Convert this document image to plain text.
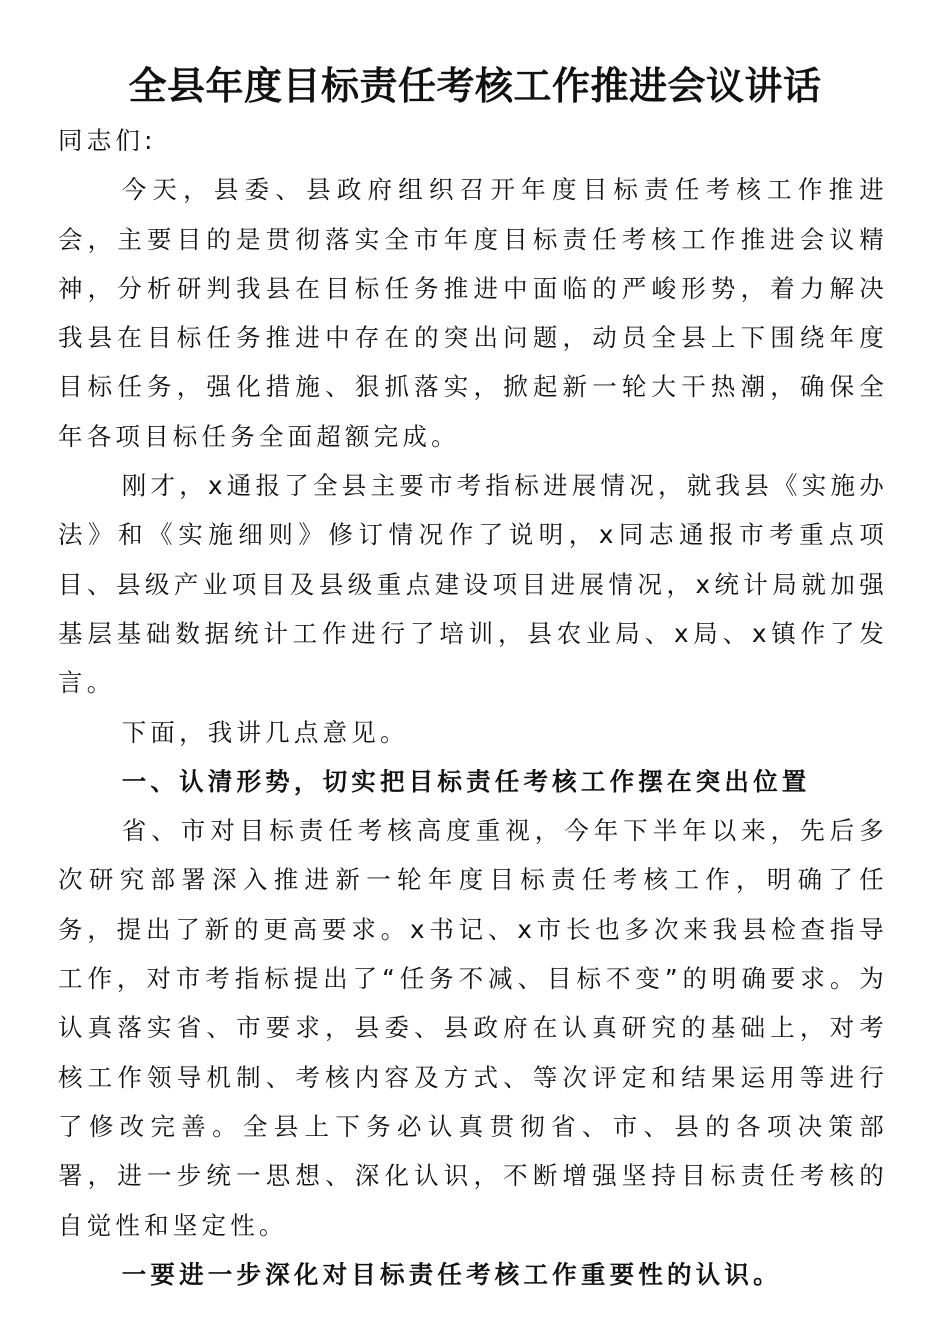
全县年度目标责任考核工作推进会议讲话

同志们:

今天，县委、县政府组织召开年度目标责任考核工作推进会，主要目的是贯彻落实全市年度目标责任考核工作推进会议精神，分析研判我县在目标任务推进中面临的严峻形势，着力解决我县在目标任务推进中存在的突出问题，动员全县上下围绕年度目标任务，强化措施、狠抓落实，掀起新一轮大干热潮，确保全年各项目标任务全面超额完成。

刚才，x通报了全县主要市考指标进展情况，就我县《实施办法》和《实施细则》修订情况作了说明，x同志通报市考重点项目、县级产业项目及县级重点建设项目进展情况，x统计局就加强基层基础数据统计工作进行了培训，县农业局、x局、x镇作了发言。

下面，我讲几点意见。

一、认清形势，切实把目标责任考核工作摆在突出位置

省、市对目标责任考核高度重视，今年下半年以来，先后多次研究部署深入推进新一轮年度目标责任考核工作，明确了任务，提出了新的更高要求。x书记、x市长也多次来我县检查指导工作，对市考指标提出了“任务不减、目标不变”的明确要求。为认真落实省、市要求，县委、县政府在认真研究的基础上，对考核工作领导机制、考核内容及方式、等次评定和结果运用等进行了修改完善。全县上下务必认真贯彻省、市、县的各项决策部署，进一步统一思想、深化认识，不断增强坚持目标责任考核的自觉性和坚定性。

一要进一步深化对目标责任考核工作重要性的认识。
